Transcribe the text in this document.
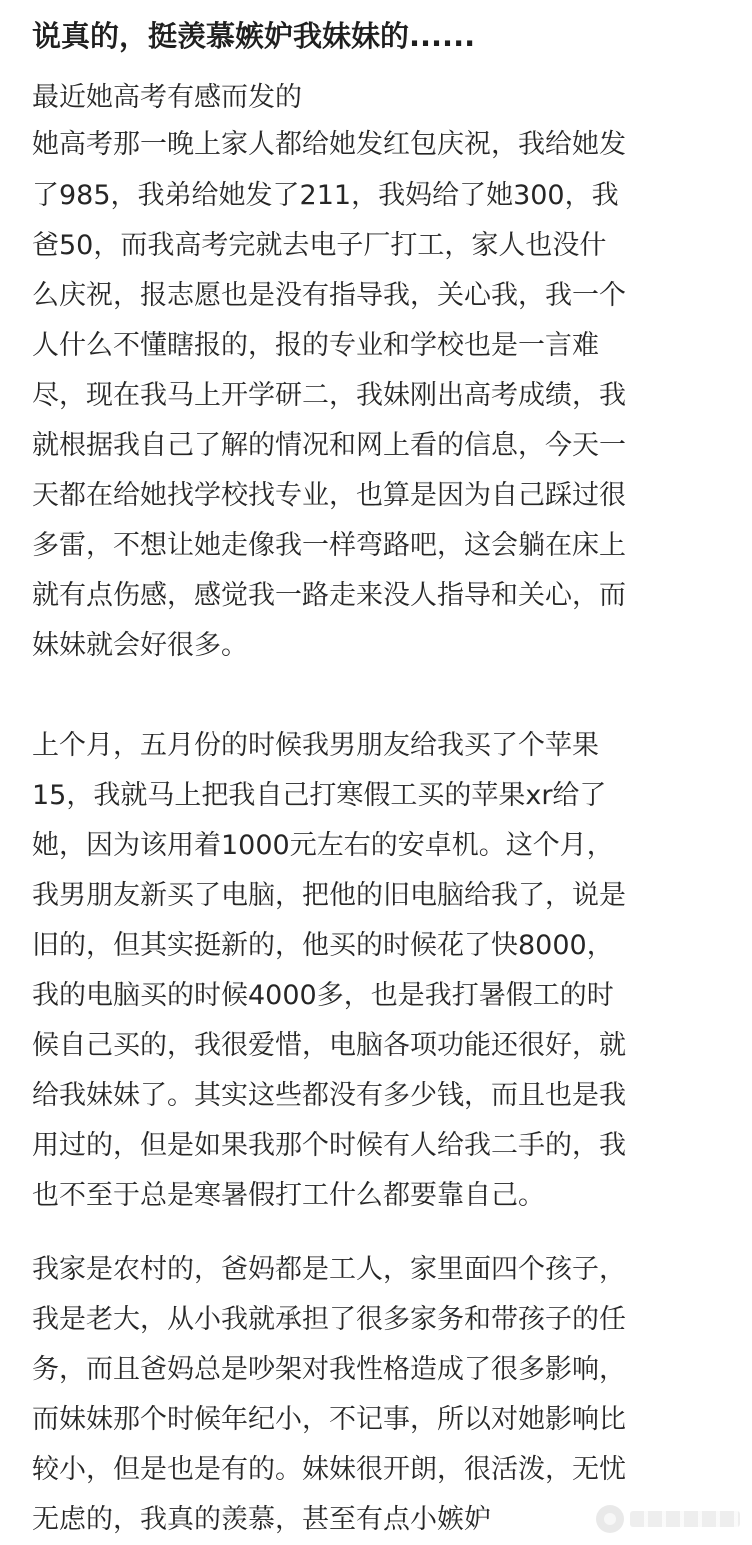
说真的，挺羡慕嫉妒我妹妹的......

最近她高考有感而发的

她高考那一晚上家人都给她发红包庆祝，我给她发

了985，我弟给她发了211，我妈给了她300，我

爸50，而我高考完就去电子厂打工，家人也没什

么庆祝，报志愿也是没有指导我，关心我，我一个

人什么不懂瞎报的，报的专业和学校也是一言难

尽，现在我马上开学研二，我妹刚出高考成绩，我

就根据我自己了解的情况和网上看的信息，今天一

天都在给她找学校找专业，也算是因为自己踩过很

多雷，不想让她走像我一样弯路吧，这会躺在床上

就有点伤感，感觉我一路走来没人指导和关心，而

妹妹就会好很多。

上个月，五月份的时候我男朋友给我买了个苹果

15，我就马上把我自己打寒假工买的苹果xr给了

她，因为该用着1000元左右的安卓机。这个月，

我男朋友新买了电脑，把他的旧电脑给我了，说是

旧的，但其实挺新的，他买的时候花了快8000，

我的电脑买的时候4000多，也是我打暑假工的时

候自己买的，我很爱惜，电脑各项功能还很好，就

给我妹妹了。其实这些都没有多少钱，而且也是我

用过的，但是如果我那个时候有人给我二手的，我

也不至于总是寒暑假打工什么都要靠自己。

我家是农村的，爸妈都是工人，家里面四个孩子，

我是老大，从小我就承担了很多家务和带孩子的任

务，而且爸妈总是吵架对我性格造成了很多影响，

而妹妹那个时候年纪小，不记事，所以对她影响比

较小，但是也是有的。妹妹很开朗，很活泼，无忧

无虑的，我真的羡慕，甚至有点小嫉妒
